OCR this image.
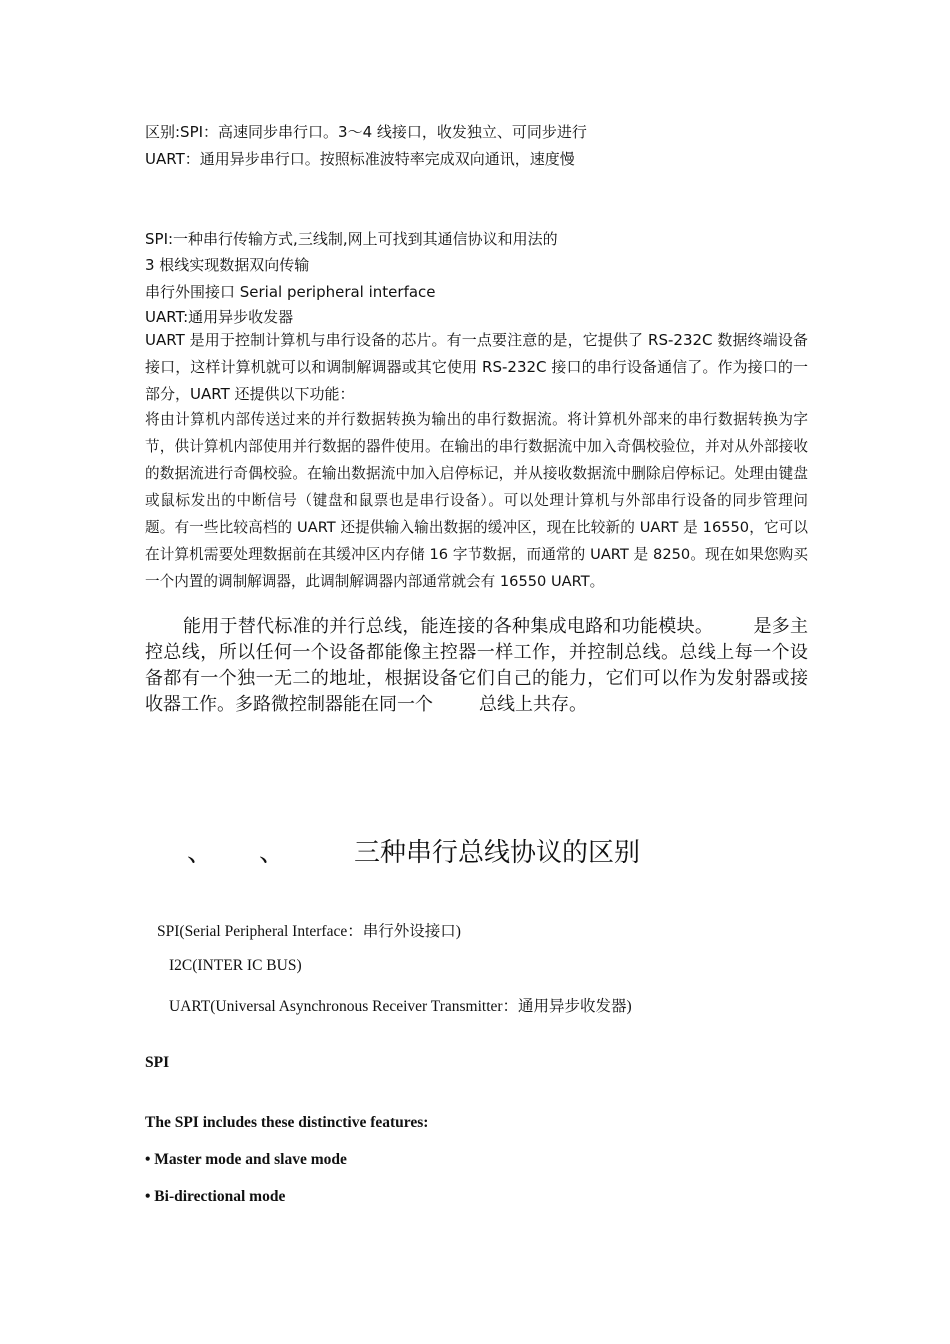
区别:SPI：高速同步串行口。3～4 线接口，收发独立、可同步进行
UART：通用异步串行口。按照标准波特率完成双向通讯，速度慢
SPI:一种串行传输方式,三线制,网上可找到其通信协议和用法的
3 根线实现数据双向传输
串行外围接口 Serial peripheral interface
UART:通用异步收发器
UART 是用于控制计算机与串行设备的芯片。有一点要注意的是，它提供了 RS-232C 数据终端设备接口，这样计算机就可以和调制解调器或其它使用 RS-232C 接口的串行设备通信了。作为接口的一部分，UART 还提供以下功能：
将由计算机内部传送过来的并行数据转换为输出的串行数据流。将计算机外部来的串行数据转换为字节，供计算机内部使用并行数据的器件使用。在输出的串行数据流中加入奇偶校验位，并对从外部接收的数据流进行奇偶校验。在输出数据流中加入启停标记，并从接收数据流中删除启停标记。处理由键盘或鼠标发出的中断信号（键盘和鼠票也是串行设备）。可以处理计算机与外部串行设备的同步管理问题。有一些比较高档的 UART 还提供输入输出数据的缓冲区，现在比较新的 UART 是 16550，它可以在计算机需要处理数据前在其缓冲区内存储 16 字节数据，而通常的 UART 是 8250。现在如果您购买一个内置的调制解调器，此调制解调器内部通常就会有 16550 UART。
能用于替代标准的并行总线，能连接的各种集成电路和功能模块。 是多主控总线，所以任何一个设备都能像主控器一样工作，并控制总线。总线上每一个设备都有一个独一无二的地址，根据设备它们自己的能力，它们可以作为发射器或接收器工作。多路微控制器能在同一个	总线上共存。
、 、	三种串行总线协议的区别
SPI(Serial Peripheral Interface：串行外设接口)
I2C(INTER IC BUS)
UART(Universal Asynchronous Receiver Transmitter：通用异步收发器)
SPI
The SPI includes these distinctive features:
• Master mode and slave mode
• Bi-directional mode
